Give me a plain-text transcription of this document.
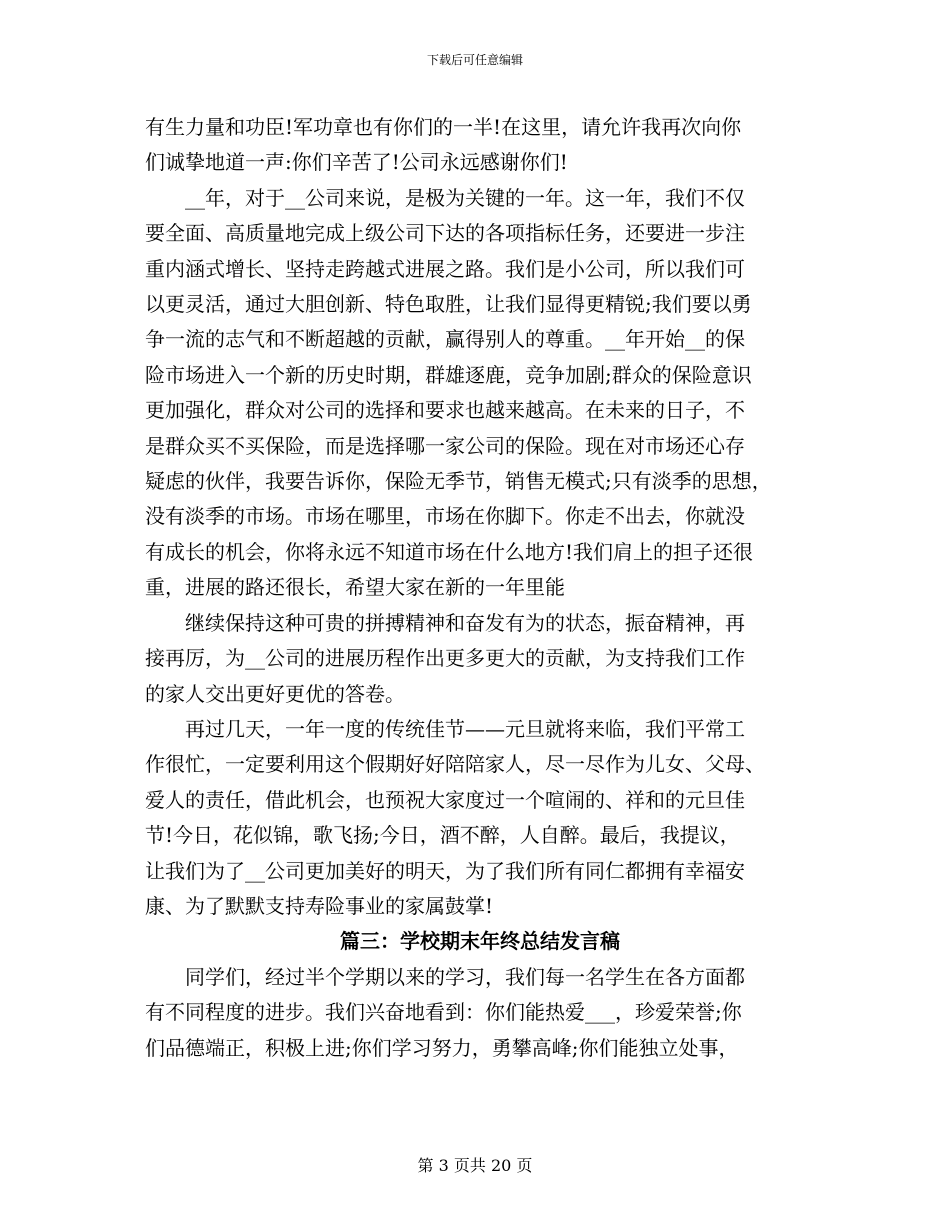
下载后可任意编辑

有生力量和功臣!军功章也有你们的一半!在这里，请允许我再次向你
们诚挚地道一声:你们辛苦了!公司永远感谢你们!

__年，对于__公司来说，是极为关键的一年。这一年，我们不仅
要全面、高质量地完成上级公司下达的各项指标任务，还要进一步注
重内涵式增长、坚持走跨越式进展之路。我们是小公司，所以我们可
以更灵活，通过大胆创新、特色取胜，让我们显得更精锐;我们要以勇
争一流的志气和不断超越的贡献，赢得别人的尊重。__年开始__的保
险市场进入一个新的历史时期，群雄逐鹿，竞争加剧;群众的保险意识
更加强化，群众对公司的选择和要求也越来越高。在未来的日子，不
是群众买不买保险，而是选择哪一家公司的保险。现在对市场还心存
疑虑的伙伴，我要告诉你，保险无季节，销售无模式;只有淡季的思想，
没有淡季的市场。市场在哪里，市场在你脚下。你走不出去，你就没
有成长的机会，你将永远不知道市场在什么地方!我们肩上的担子还很
重，进展的路还很长，希望大家在新的一年里能

继续保持这种可贵的拼搏精神和奋发有为的状态，振奋精神，再
接再厉，为__公司的进展历程作出更多更大的贡献，为支持我们工作
的家人交出更好更优的答卷。

再过几天，一年一度的传统佳节——元旦就将来临，我们平常工
作很忙，一定要利用这个假期好好陪陪家人，尽一尽作为儿女、父母、
爱人的责任，借此机会，也预祝大家度过一个喧闹的、祥和的元旦佳
节!今日，花似锦，歌飞扬;今日，酒不醉，人自醉。最后，我提议，
让我们为了__公司更加美好的明天，为了我们所有同仁都拥有幸福安
康、为了默默支持寿险事业的家属鼓掌!

篇三：学校期末年终总结发言稿

同学们，经过半个学期以来的学习，我们每一名学生在各方面都
有不同程度的进步。我们兴奋地看到：你们能热爱___，珍爱荣誉;你
们品德端正，积极上进;你们学习努力，勇攀高峰;你们能独立处事，

第 3 页共 20 页
